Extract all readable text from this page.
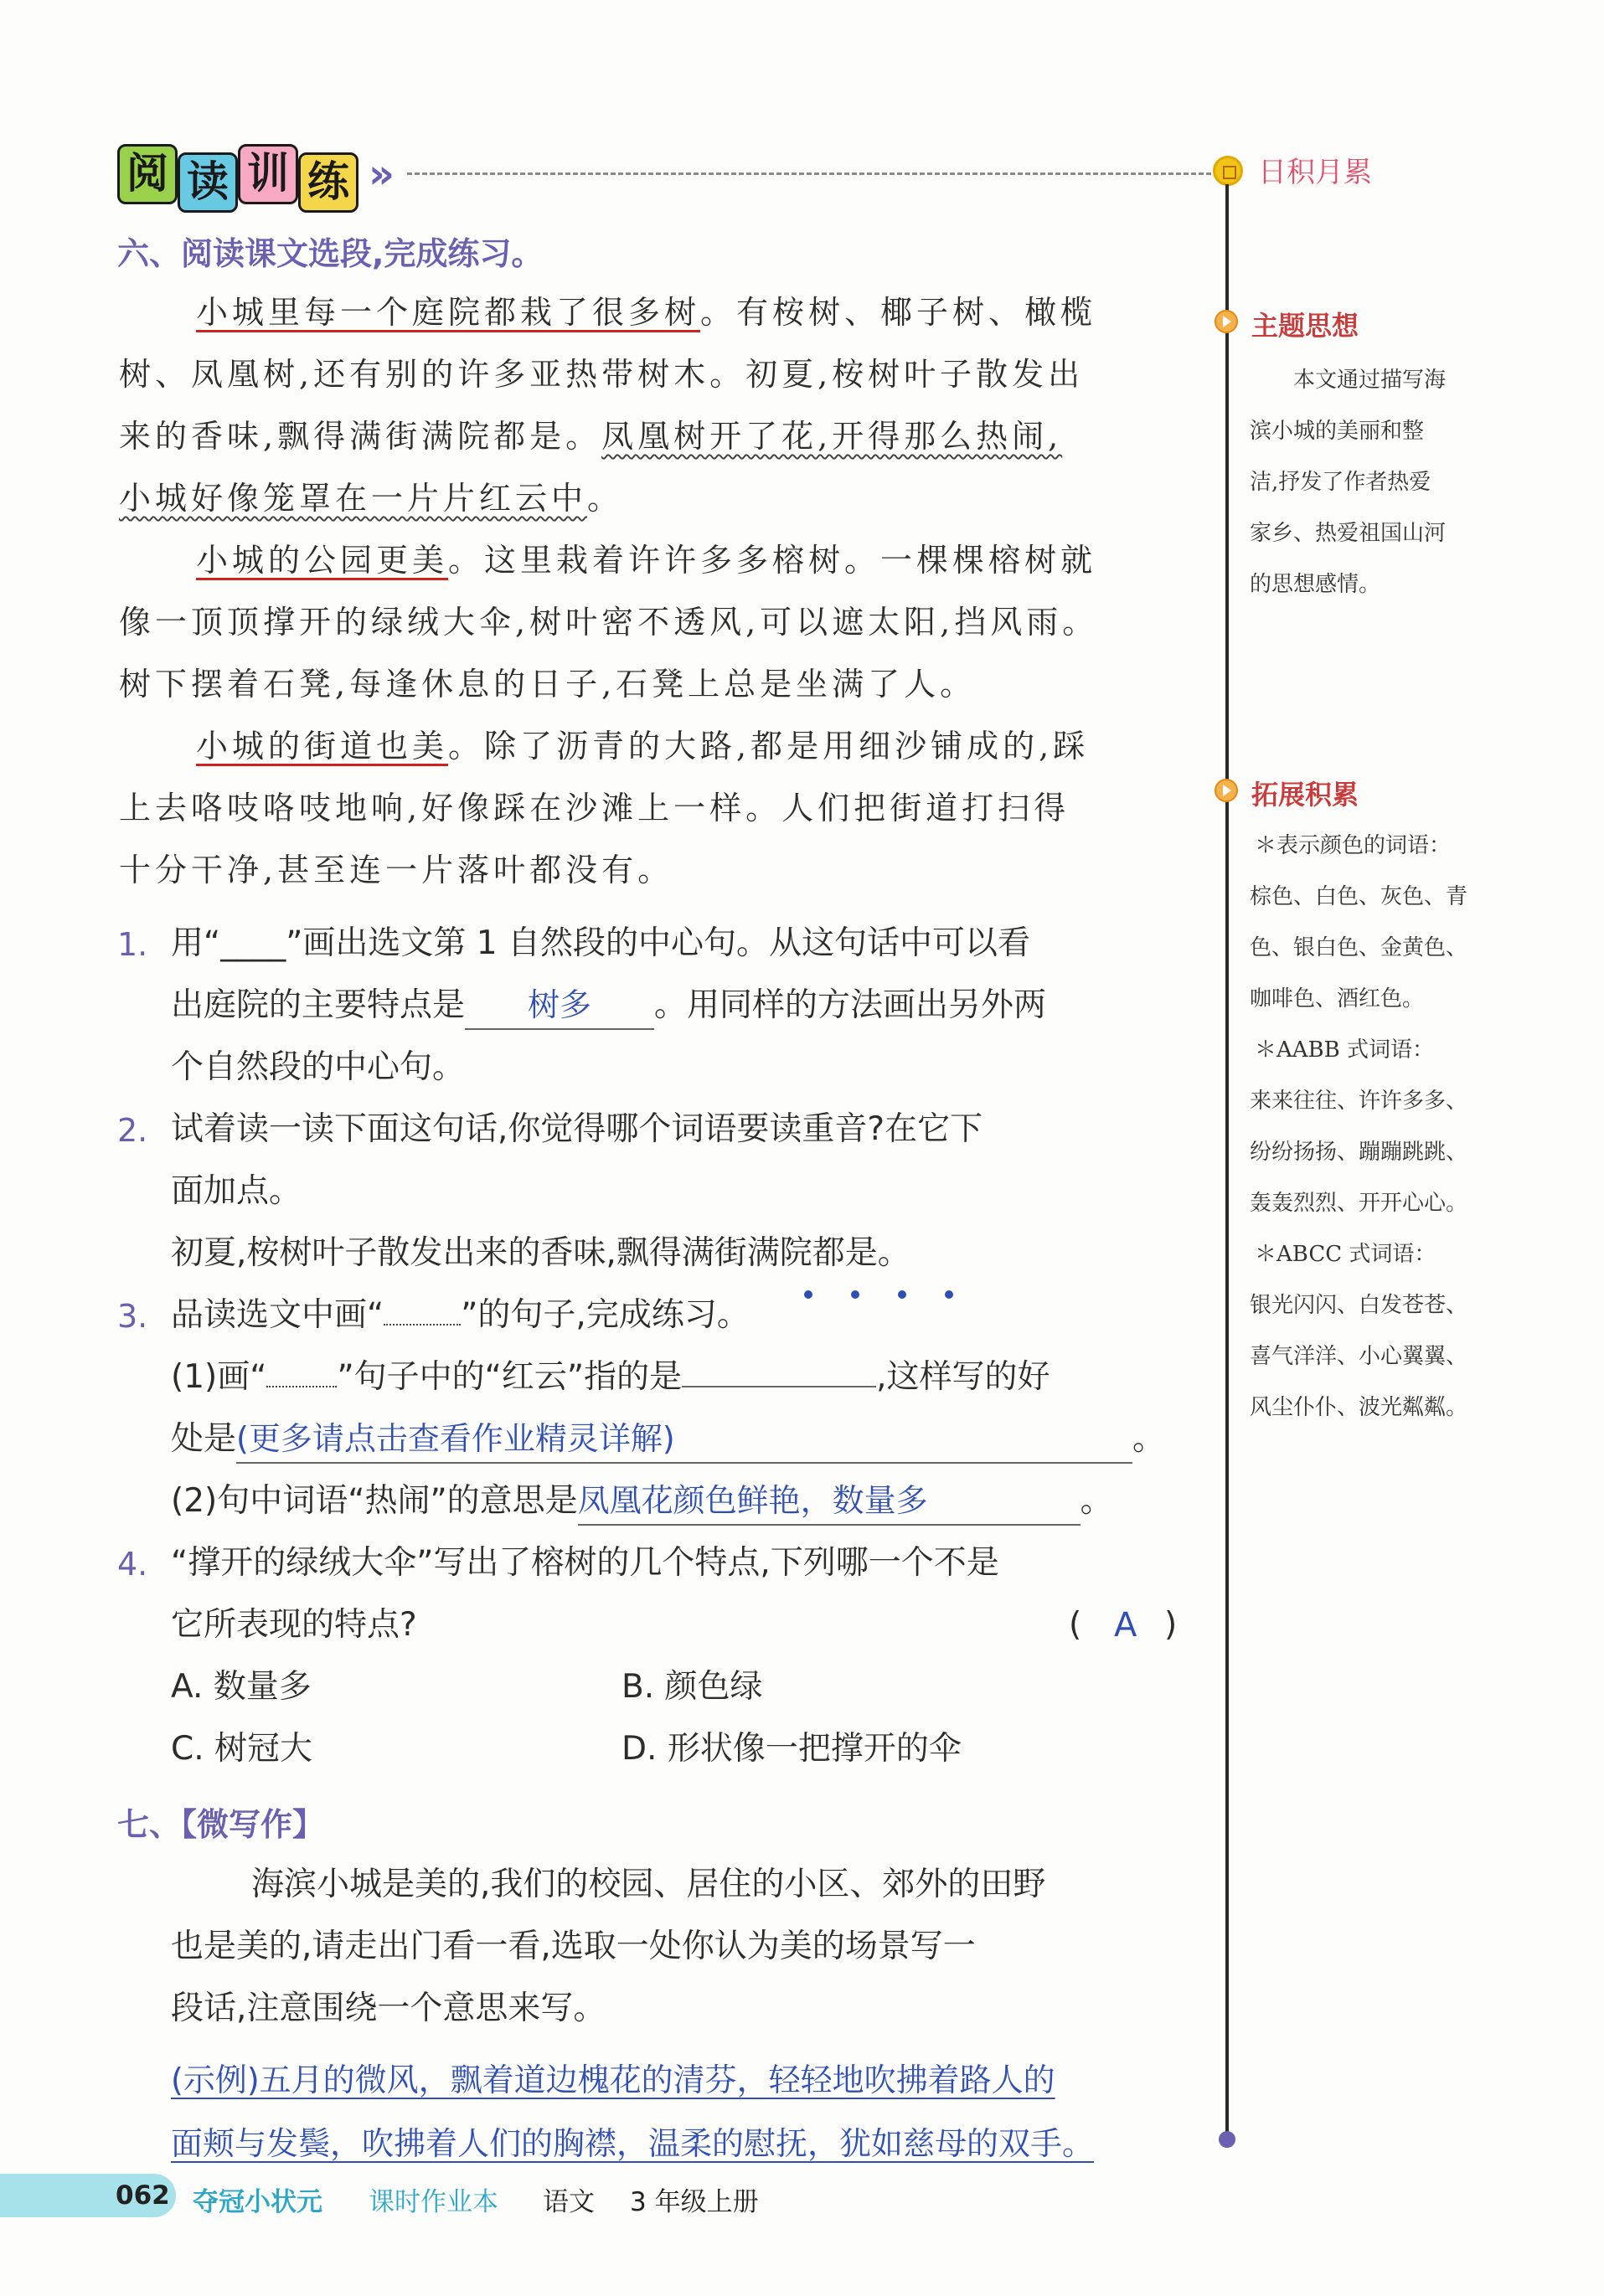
阅 读 训 练 »	日积月累
主题思想
本文通过描写海
滨小城的美丽和整
洁,抒发了作者热爱
家乡、热爱祖国山河
的思想感情。
拓展积累
＊表示颜色的词语：
棕色、白色、灰色、青
色、银白色、金黄色、
咖啡色、酒红色。
＊AABB 式词语：
来来往往、许许多多、
纷纷扬扬、蹦蹦跳跳、
轰轰烈烈、开开心心。
＊ABCC 式词语：
银光闪闪、白发苍苍、
喜气洋洋、小心翼翼、
风尘仆仆、波光粼粼。
六、阅读课文选段,完成练习。
小城里每一个庭院都栽了很多树。有桉树、椰子树、橄榄
树、凤凰树,还有别的许多亚热带树木。初夏,桉树叶子散发出
来的香味,飘得满街满院都是。凤凰树开了花,开得那么热闹,
小城好像笼罩在一片片红云中。
小城的公园更美。这里栽着许许多多榕树。一棵棵榕树就
像一顶顶撑开的绿绒大伞,树叶密不透风,可以遮太阳,挡风雨。
树下摆着石凳,每逢休息的日子,石凳上总是坐满了人。
小城的街道也美。除了沥青的大路,都是用细沙铺成的,踩
上去咯吱咯吱地响,好像踩在沙滩上一样。人们把街道打扫得
十分干净,甚至连一片落叶都没有。
1. 用“____”画出选文第 1 自然段的中心句。从这句话中可以看
出庭院的主要特点是 树多 。用同样的方法画出另外两
个自然段的中心句。
2. 试着读一读下面这句话,你觉得哪个词语要读重音?在它下
面加点。
初夏,桉树叶子散发出来的香味,飘得满街满院都是。
3. 品读选文中画“ ”的句子,完成练习。
(1)画“ ”句子中的“红云”指的是	,这样写的好
处是(更多请点击查看作业精灵详解)	。
(2)句中词语“热闹”的意思是凤凰花颜色鲜艳，数量多	。
4. “撑开的绿绒大伞”写出了榕树的几个特点,下列哪一个不是
它所表现的特点?	( A )
A. 数量多	B. 颜色绿
C. 树冠大	D. 形状像一把撑开的伞
七、【微写作】
海滨小城是美的,我们的校园、居住的小区、郊外的田野
也是美的,请走出门看一看,选取一处你认为美的场景写一
段话,注意围绕一个意思来写。
(示例)五月的微风，飘着道边槐花的清芬，轻轻地吹拂着路人的
面颊与发鬓，吹拂着人们的胸襟，温柔的慰抚，犹如慈母的双手。
062 夺冠小状元 课时作业本 语文 3 年级上册
